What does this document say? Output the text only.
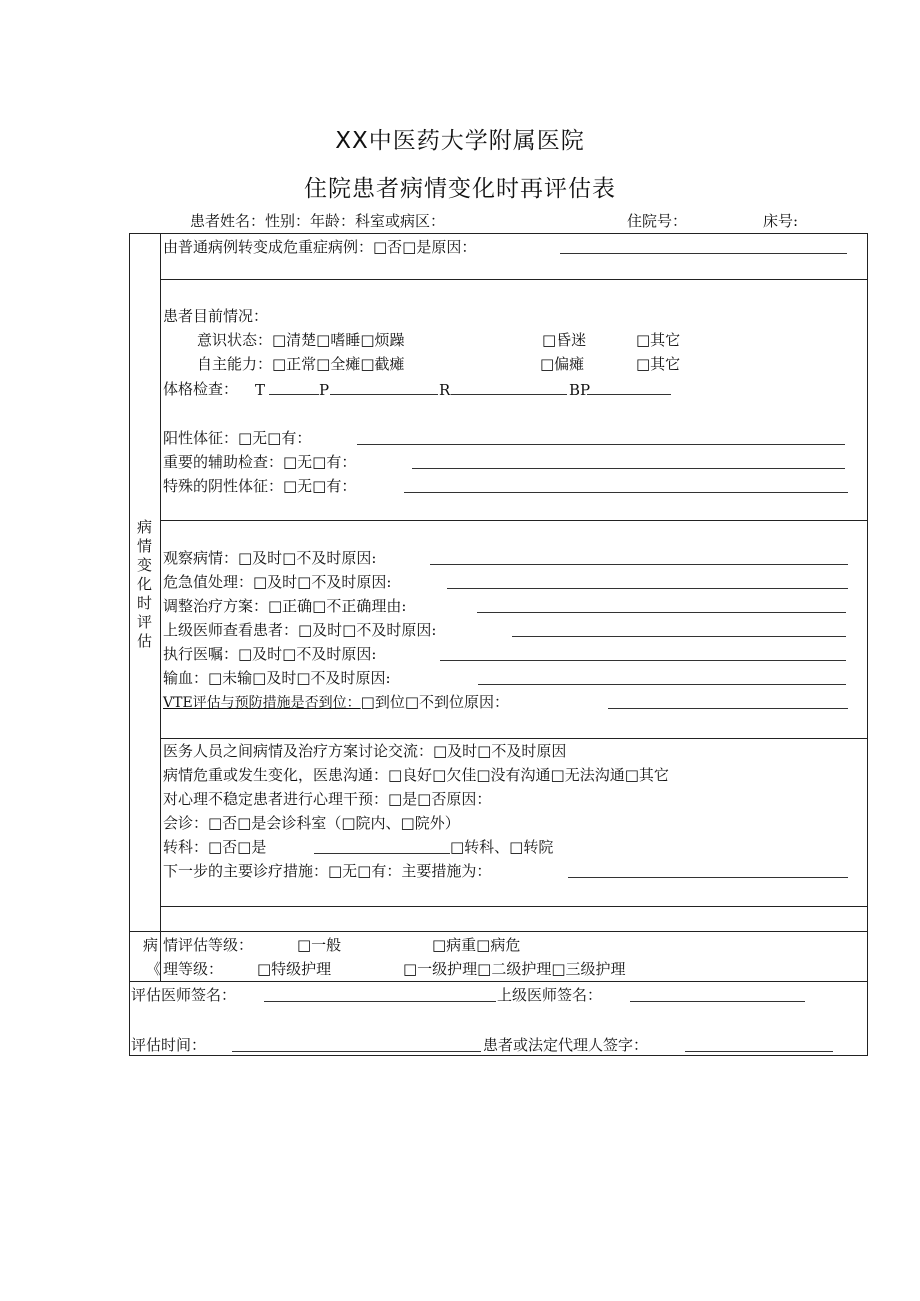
XX中医药大学附属医院
住院患者病情变化时再评估表
患者姓名：性别：年龄：科室或病区：	住院号：	床号:
病
情
变
化
时
评
估
由普通病例转变成危重症病例：□否□是原因：
患者目前情况：
意识状态：□清楚□嗜睡□烦躁	□昏迷	□其它
自主能力：□正常□全瘫□截瘫	□偏瘫	□其它
体格检查： T	P	R	BP
阳性体征：□无□有：
重要的辅助检查：□无□有：
特殊的阴性体征：□无□有：
观察病情：□及时□不及时原因:
危急值处理：□及时□不及时原因:
调整治疗方案：□正确□不正确理由:
上级医师查看患者：□及时□不及时原因:
执行医嘱：□及时□不及时原因:
输血：□未输□及时□不及时原因:
VTE评估与预防措施是否到位：□到位□不到位原因：
医务人员之间病情及治疗方案讨论交流：□及时□不及时原因
病情危重或发生变化，医患沟通：□良好□欠佳□没有沟通□无法沟通□其它
对心理不稳定患者进行心理干预：□是□否原因：
会诊：□否□是会诊科室（□院内、□院外）
转科：□否□是	□转科、□转院
下一步的主要诊疗措施：□无□有：主要措施为：
病 情评估等级：	□一般	□病重□病危
《 理等级： □特级护理	□一级护理□二级护理□三级护理
评估医师签名：	上级医师签名：
评估时间：	患者或法定代理人签字：
